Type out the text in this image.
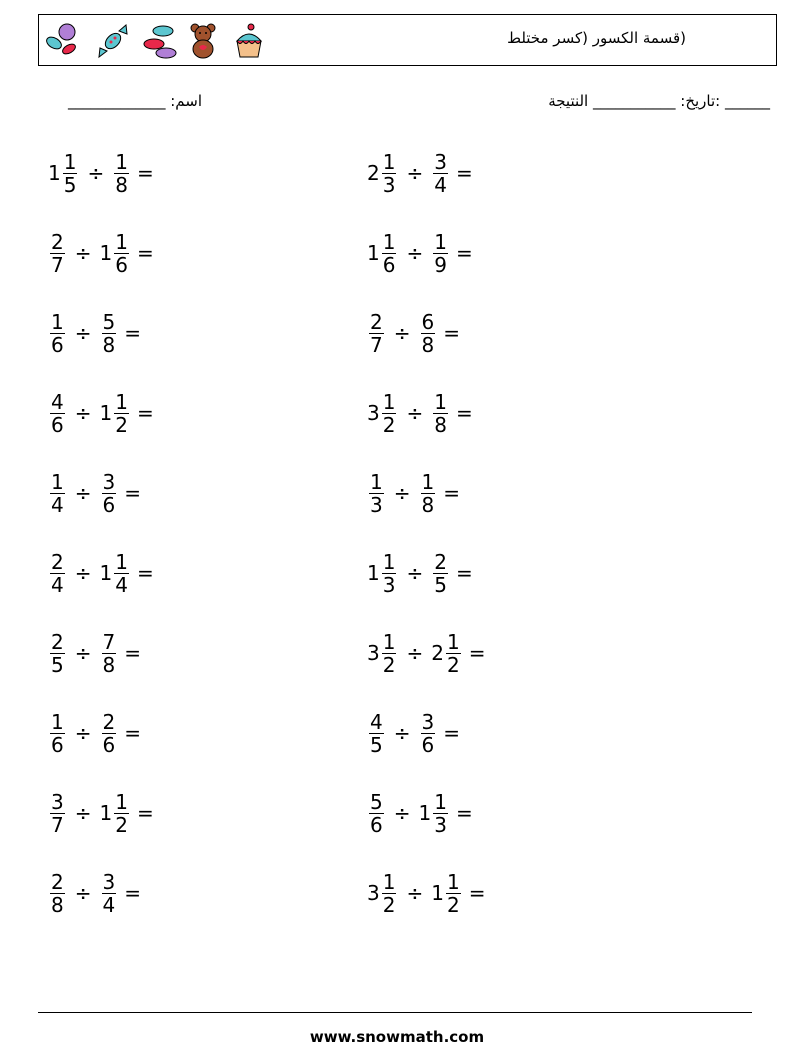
(قسمة الكسور (كسر مختلط
______ :تاريخ: ___________ النتيجة
اسم: _____________
$1 \frac{1}{5} \div \frac{1}{8}$ =
$\frac{2}{7} \div 1 \frac{1}{6}$ =
$\frac{1}{6} \div \frac{5}{8}$ =
$\frac{4}{6} \div 1 \frac{1}{2}$ =
$\frac{1}{4} \div \frac{3}{6}$ =
$\frac{2}{4} \div 1 \frac{1}{4}$ =
$\frac{2}{5} \div \frac{7}{8}$ =
$\frac{1}{6} \div \frac{2}{6}$ =
$\frac{3}{7} \div 1 \frac{1}{2}$ =
$\frac{2}{8} \div \frac{3}{4}$ =
$2 \frac{1}{3} \div \frac{3}{4}$ =
$1 \frac{1}{6} \div \frac{1}{9}$ =
$\frac{2}{7} \div \frac{6}{8}$ =
$3 \frac{1}{2} \div \frac{1}{8}$ =
$\frac{1}{3} \div \frac{1}{8}$ =
$1 \frac{1}{3} \div \frac{2}{5}$ =
$3 \frac{1}{2} \div 2 \frac{1}{2}$ =
$\frac{4}{5} \div \frac{3}{6}$ =
$\frac{5}{6} \div 1 \frac{1}{3}$ =
$3 \frac{1}{2} \div 1 \frac{1}{2}$ =
www.snowmath.com
